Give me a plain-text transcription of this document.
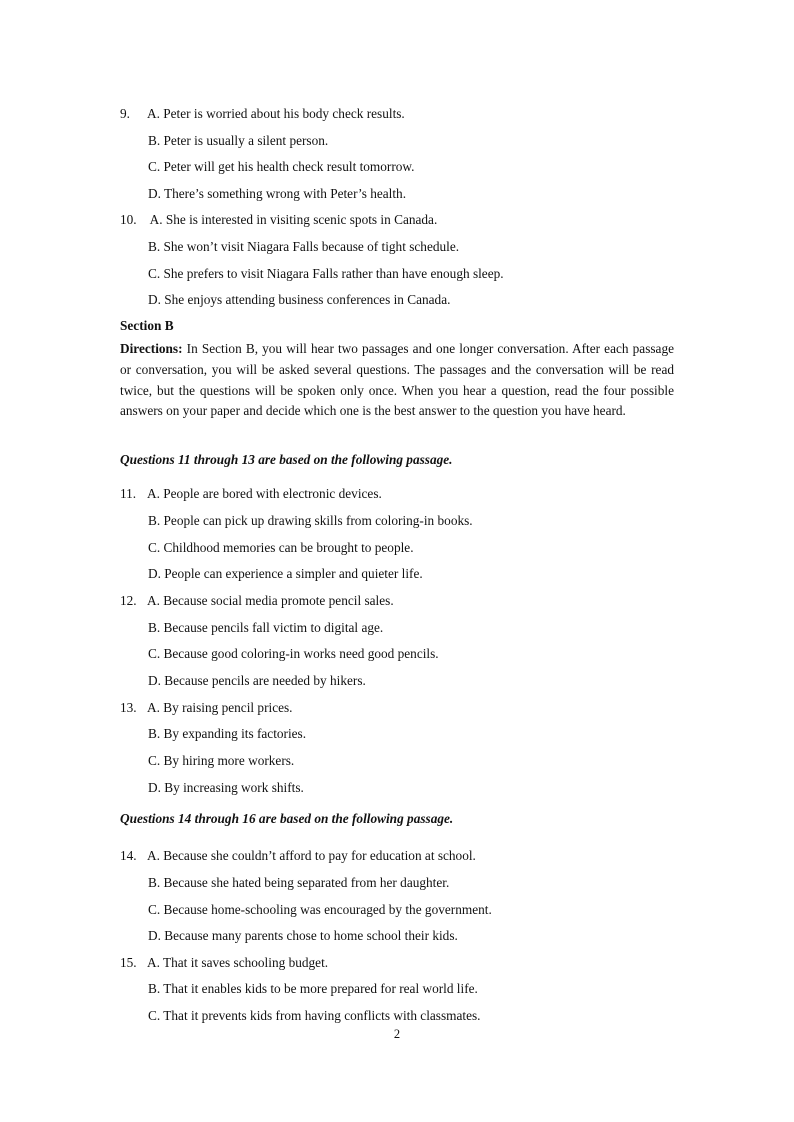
9. A. Peter is worried about his body check results.
B. Peter is usually a silent person.
C. Peter will get his health check result tomorrow.
D. There’s something wrong with Peter’s health.
10. A. She is interested in visiting scenic spots in Canada.
B. She won’t visit Niagara Falls because of tight schedule.
C. She prefers to visit Niagara Falls rather than have enough sleep.
D. She enjoys attending business conferences in Canada.
Section B
Directions: In Section B, you will hear two passages and one longer conversation. After each passage or conversation, you will be asked several questions. The passages and the conversation will be read twice, but the questions will be spoken only once. When you hear a question, read the four possible answers on your paper and decide which one is the best answer to the question you have heard.
Questions 11 through 13 are based on the following passage.
11. A. People are bored with electronic devices.
B. People can pick up drawing skills from coloring-in books.
C. Childhood memories can be brought to people.
D. People can experience a simpler and quieter life.
12. A. Because social media promote pencil sales.
B. Because pencils fall victim to digital age.
C. Because good coloring-in works need good pencils.
D. Because pencils are needed by hikers.
13. A. By raising pencil prices.
B. By expanding its factories.
C. By hiring more workers.
D. By increasing work shifts.
Questions 14 through 16 are based on the following passage.
14. A. Because she couldn’t afford to pay for education at school.
B. Because she hated being separated from her daughter.
C. Because home-schooling was encouraged by the government.
D. Because many parents chose to home school their kids.
15. A. That it saves schooling budget.
B. That it enables kids to be more prepared for real world life.
C. That it prevents kids from having conflicts with classmates.
2
